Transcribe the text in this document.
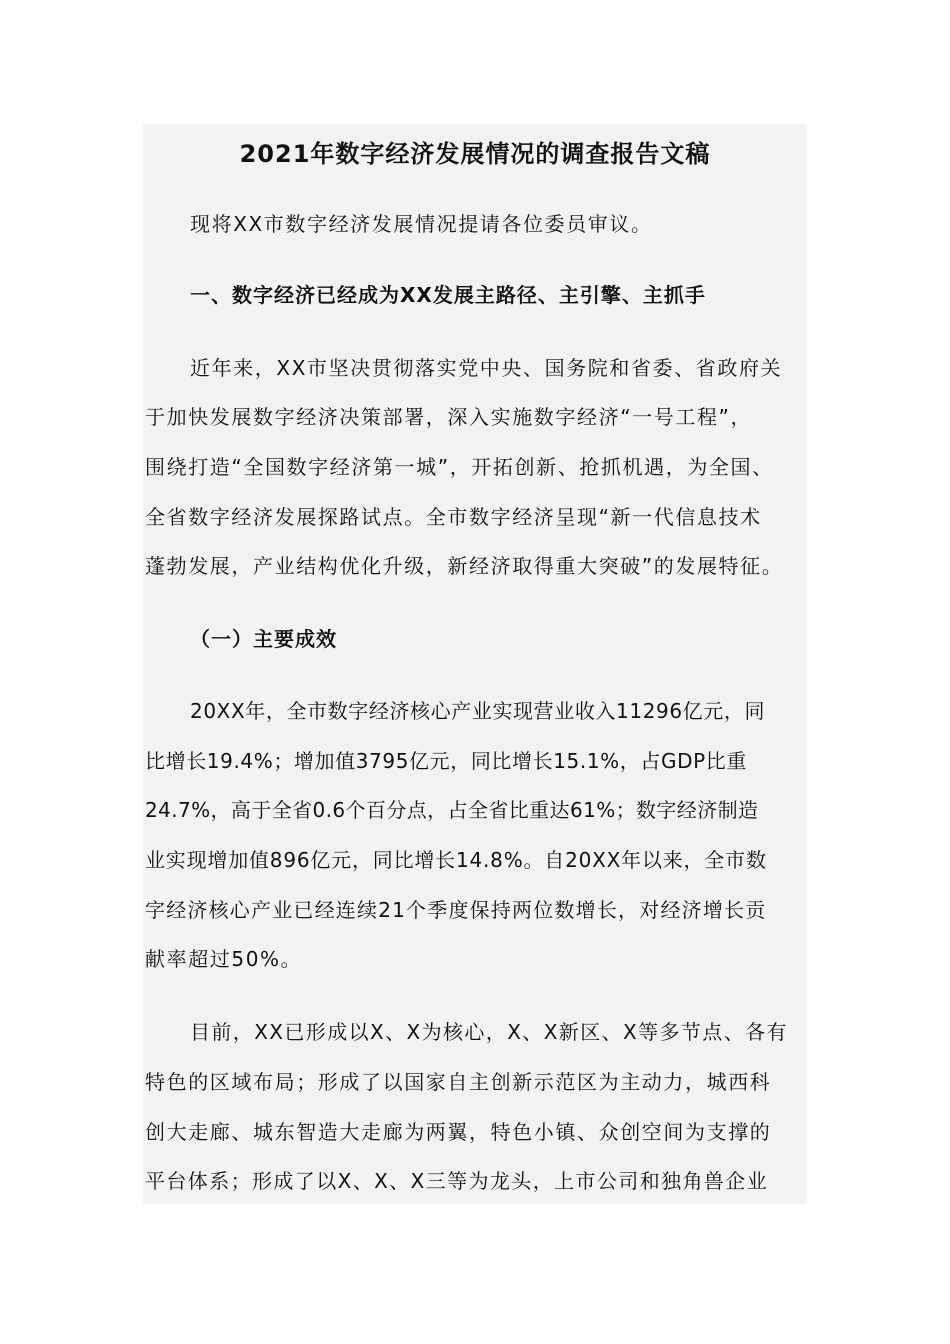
2021年数字经济发展情况的调查报告文稿
现将XX市数字经济发展情况提请各位委员审议。
一、数字经济已经成为XX发展主路径、主引擎、主抓手
近年来，XX市坚决贯彻落实党中央、国务院和省委、省政府关
于加快发展数字经济决策部署，深入实施数字经济“一号工程”，
围绕打造“全国数字经济第一城”，开拓创新、抢抓机遇，为全国、
全省数字经济发展探路试点。全市数字经济呈现“新一代信息技术
蓬勃发展，产业结构优化升级，新经济取得重大突破”的发展特征。
（一）主要成效
20XX年，全市数字经济核心产业实现营业收入11296亿元，同
比增长19.4%；增加值3795亿元，同比增长15.1%，占GDP比重
24.7%，高于全省0.6个百分点，占全省比重达61%；数字经济制造
业实现增加值896亿元，同比增长14.8%。自20XX年以来，全市数
字经济核心产业已经连续21个季度保持两位数增长，对经济增长贡
献率超过50%。
目前，XX已形成以X、X为核心，X、X新区、X等多节点、各有
特色的区域布局；形成了以国家自主创新示范区为主动力，城西科
创大走廊、城东智造大走廊为两翼，特色小镇、众创空间为支撑的
平台体系；形成了以X、X、X三等为龙头，上市公司和独角兽企业
